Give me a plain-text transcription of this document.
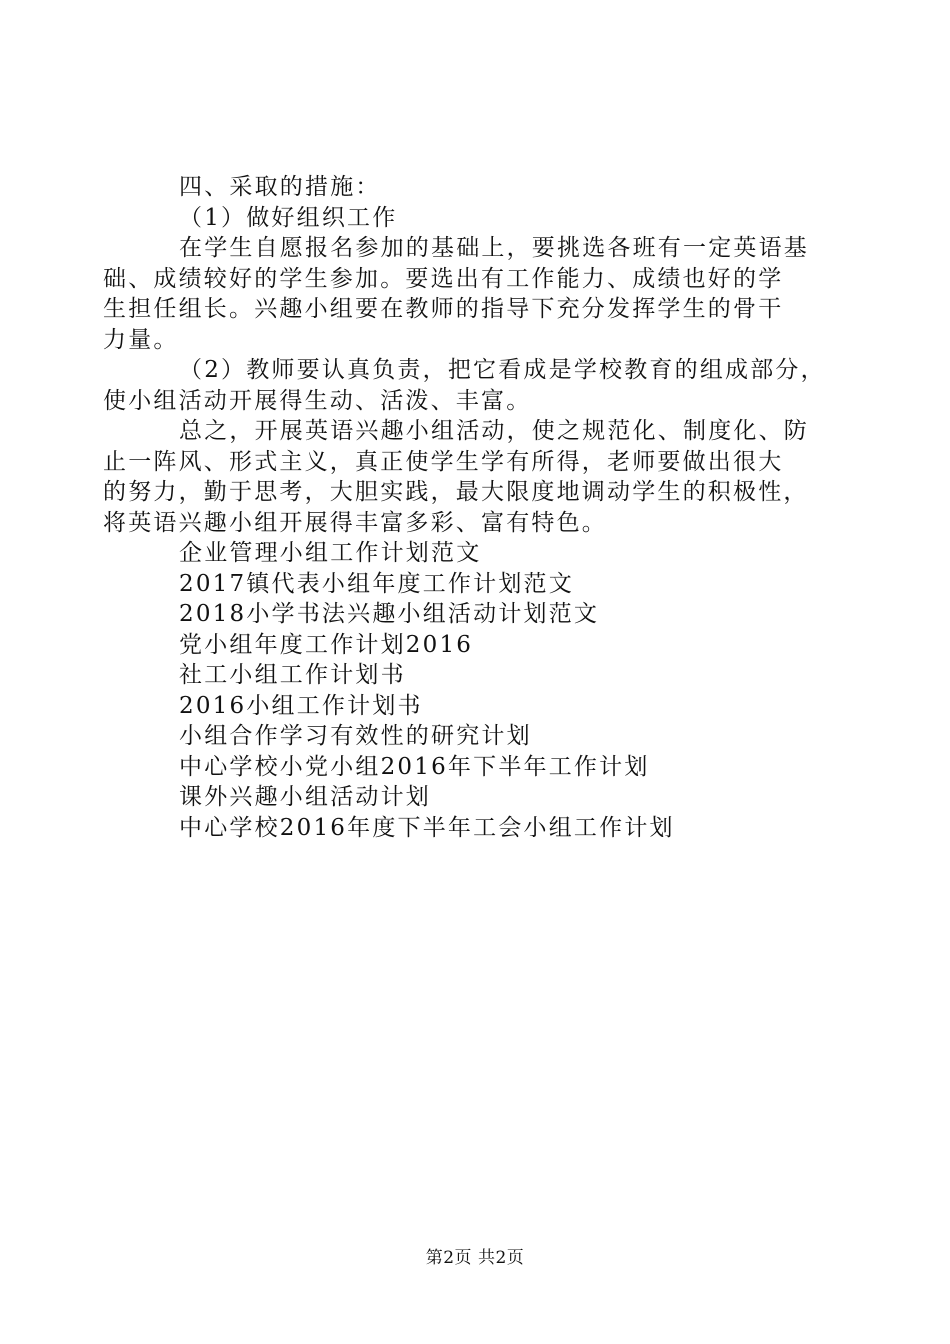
四、采取的措施：
（1）做好组织工作
在学生自愿报名参加的基础上，要挑选各班有一定英语基
础、成绩较好的学生参加。要选出有工作能力、成绩也好的学
生担任组长。兴趣小组要在教师的指导下充分发挥学生的骨干
力量。
（2）教师要认真负责，把它看成是学校教育的组成部分，
使小组活动开展得生动、活泼、丰富。
总之，开展英语兴趣小组活动，使之规范化、制度化、防
止一阵风、形式主义，真正使学生学有所得，老师要做出很大
的努力，勤于思考，大胆实践，最大限度地调动学生的积极性，
将英语兴趣小组开展得丰富多彩、富有特色。
企业管理小组工作计划范文
2017镇代表小组年度工作计划范文
2018小学书法兴趣小组活动计划范文
党小组年度工作计划2016
社工小组工作计划书
2016小组工作计划书
小组合作学习有效性的研究计划
中心学校小党小组2016年下半年工作计划
课外兴趣小组活动计划
中心学校2016年度下半年工会小组工作计划
第2页 共2页
